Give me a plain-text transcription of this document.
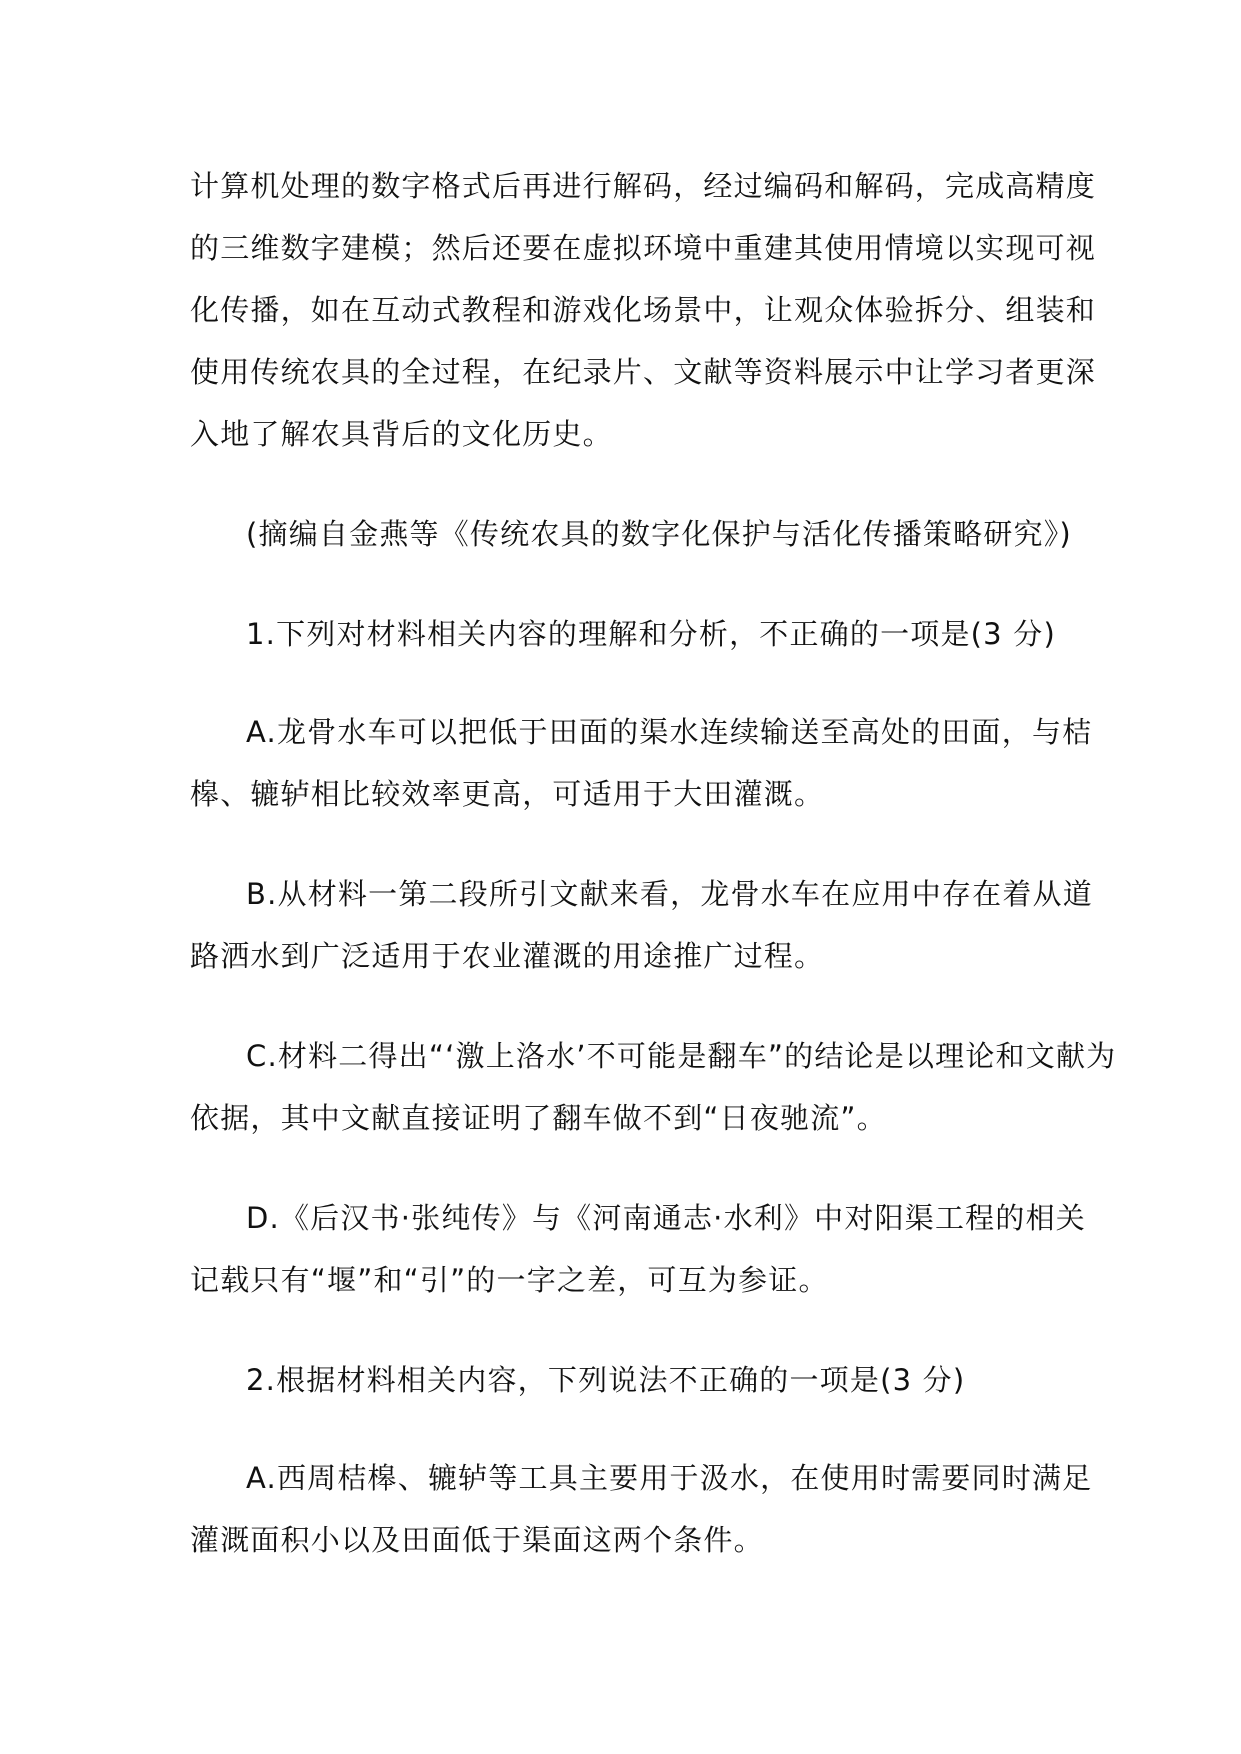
计算机处理的数字格式后再进行解码，经过编码和解码，完成高精度
的三维数字建模；然后还要在虚拟环境中重建其使用情境以实现可视
化传播，如在互动式教程和游戏化场景中，让观众体验拆分、组装和
使用传统农具的全过程，在纪录片、文献等资料展示中让学习者更深
入地了解农具背后的文化历史。
(摘编自金燕等《传统农具的数字化保护与活化传播策略研究》)
1.下列对材料相关内容的理解和分析，不正确的一项是(3 分)
A.龙骨水车可以把低于田面的渠水连续输送至高处的田面，与桔
槔、辘轳相比较效率更高，可适用于大田灌溉。
B.从材料一第二段所引文献来看，龙骨水车在应用中存在着从道
路洒水到广泛适用于农业灌溉的用途推广过程。
C.材料二得出“‘激上洛水’不可能是翻车”的结论是以理论和文献为
依据，其中文献直接证明了翻车做不到“日夜驰流”。
D.《后汉书·张纯传》与《河南通志·水利》中对阳渠工程的相关
记载只有“堰”和“引”的一字之差，可互为参证。
2.根据材料相关内容，下列说法不正确的一项是(3 分)
A.西周桔槔、辘轳等工具主要用于汲水，在使用时需要同时满足
灌溉面积小以及田面低于渠面这两个条件。
